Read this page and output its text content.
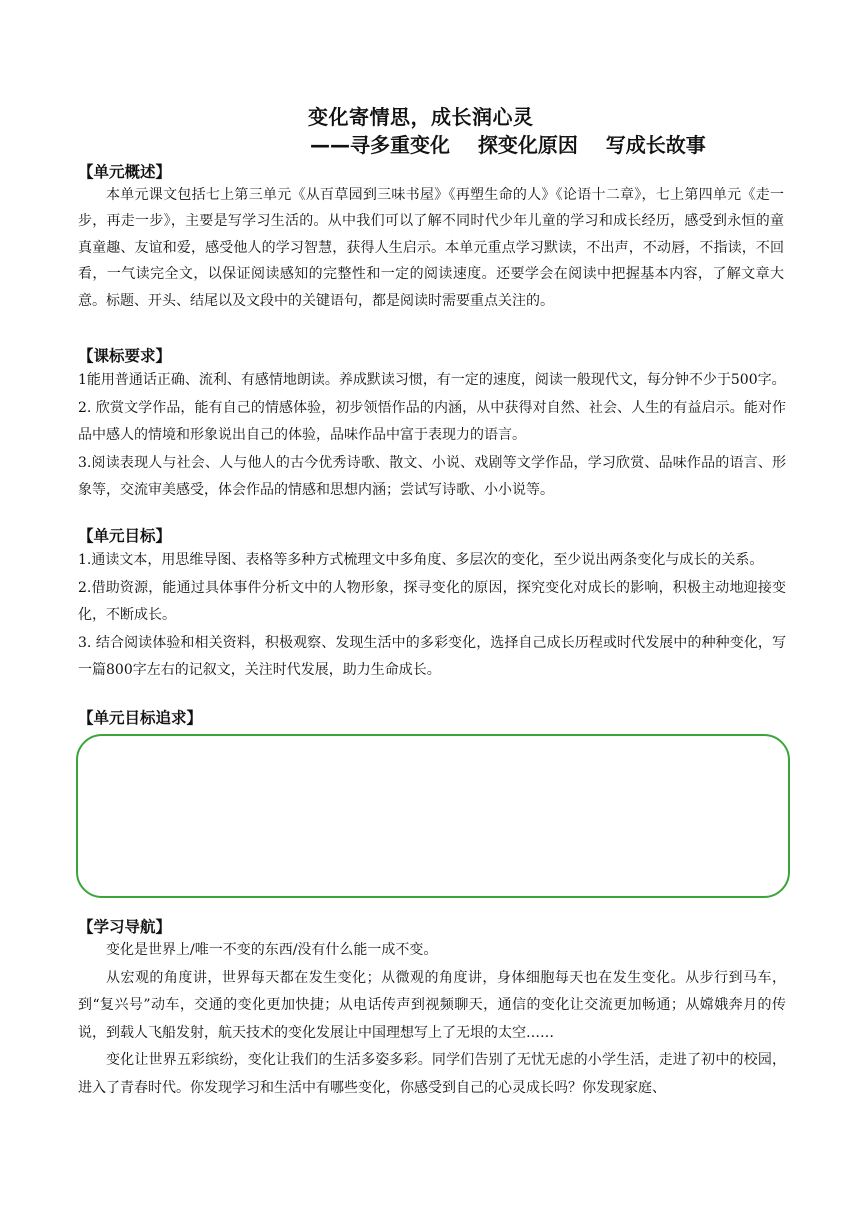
变化寄情思，成长润心灵
——寻多重变化    探变化原因    写成长故事
【单元概述】
本单元课文包括七上第三单元《从百草园到三味书屋》《再塑生命的人》《论语十二章》，七上第四单元《走一步，再走一步》，主要是写学习生活的。从中我们可以了解不同时代少年儿童的学习和成长经历，感受到永恒的童真童趣、友谊和爱，感受他人的学习智慧，获得人生启示。本单元重点学习默读，不出声，不动唇，不指读，不回看，一气读完全文，以保证阅读感知的完整性和一定的阅读速度。还要学会在阅读中把握基本内容，了解文章大意。标题、开头、结尾以及文段中的关键语句，都是阅读时需要重点关注的。
【课标要求】

1能用普通话正确、流利、有感情地朗读。养成默读习惯，有一定的速度，阅读一般现代文，每分钟不少于500字。

2. 欣赏文学作品，能有自己的情感体验，初步领悟作品的内涵，从中获得对自然、社会、人生的有益启示。能对作品中感人的情境和形象说出自己的体验，品味作品中富于表现力的语言。

3.阅读表现人与社会、人与他人的古今优秀诗歌、散文、小说、戏剧等文学作品，学习欣赏、品味作品的语言、形象等，交流审美感受，体会作品的情感和思想内涵；尝试写诗歌、小小说等。

【单元目标】

1.通读文本，用思维导图、表格等多种方式梳理文中多角度、多层次的变化，至少说出两条变化与成长的关系。

2.借助资源，能通过具体事件分析文中的人物形象，探寻变化的原因，探究变化对成长的影响，积极主动地迎接变化，不断成长。

3. 结合阅读体验和相关资料，积极观察、发现生活中的多彩变化，选择自己成长历程或时代发展中的种种变化，写一篇800字左右的记叙文，关注时代发展，助力生命成长。

【单元目标追求】
【学习导航】

变化是世界上/唯一不变的东西/没有什么能一成不变。

从宏观的角度讲，世界每天都在发生变化；从微观的角度讲，身体细胞每天也在发生变化。从步行到马车，到“复兴号”动车，交通的变化更加快捷；从电话传声到视频聊天，通信的变化让交流更加畅通；从嫦娥奔月的传说，到载人飞船发射，航天技术的变化发展让中国理想写上了无垠的太空……

变化让世界五彩缤纷，变化让我们的生活多姿多彩。同学们告别了无忧无虑的小学生活，走进了初中的校园，进入了青春时代。你发现学习和生活中有哪些变化，你感受到自己的心灵成长吗？你发现家庭、
